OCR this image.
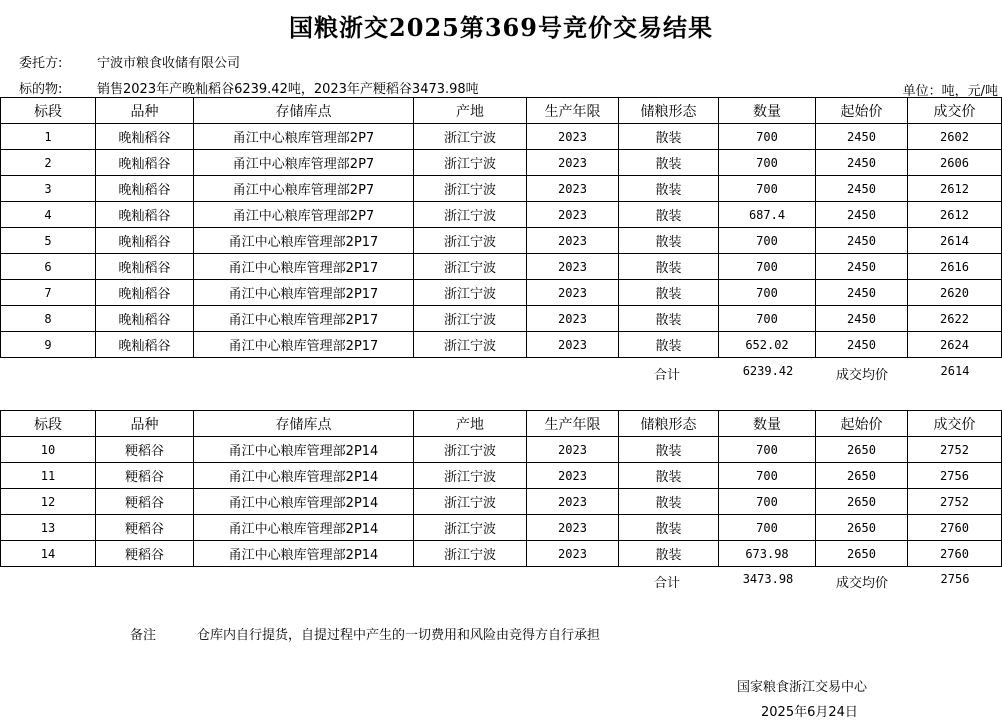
国粮浙交2025第369号竞价交易结果
委托方:	宁波市粮食收储有限公司
标的物:	销售2023年产晚籼稻谷6239.42吨，2023年产粳稻谷3473.98吨	单位：吨，元/吨
标段	品种	存储库点	产地	生产年限	储粮形态	数量	起始价	成交价
1	晚籼稻谷	甬江中心粮库管理部2P7	浙江宁波	2023	散装	700	2450	2602
2	晚籼稻谷	甬江中心粮库管理部2P7	浙江宁波	2023	散装	700	2450	2606
3	晚籼稻谷	甬江中心粮库管理部2P7	浙江宁波	2023	散装	700	2450	2612
4	晚籼稻谷	甬江中心粮库管理部2P7	浙江宁波	2023	散装	687.4	2450	2612
5	晚籼稻谷	甬江中心粮库管理部2P17	浙江宁波	2023	散装	700	2450	2614
6	晚籼稻谷	甬江中心粮库管理部2P17	浙江宁波	2023	散装	700	2450	2616
7	晚籼稻谷	甬江中心粮库管理部2P17	浙江宁波	2023	散装	700	2450	2620
8	晚籼稻谷	甬江中心粮库管理部2P17	浙江宁波	2023	散装	700	2450	2622
9	晚籼稻谷	甬江中心粮库管理部2P17	浙江宁波	2023	散装	652.02	2450	2624
合计	6239.42	成交均价	2614
标段	品种	存储库点	产地	生产年限	储粮形态	数量	起始价	成交价
10	粳稻谷	甬江中心粮库管理部2P14	浙江宁波	2023	散装	700	2650	2752
11	粳稻谷	甬江中心粮库管理部2P14	浙江宁波	2023	散装	700	2650	2756
12	粳稻谷	甬江中心粮库管理部2P14	浙江宁波	2023	散装	700	2650	2752
13	粳稻谷	甬江中心粮库管理部2P14	浙江宁波	2023	散装	700	2650	2760
14	粳稻谷	甬江中心粮库管理部2P14	浙江宁波	2023	散装	673.98	2650	2760
合计	3473.98	成交均价	2756
备注	仓库内自行提货，自提过程中产生的一切费用和风险由竞得方自行承担
国家粮食浙江交易中心
2025年6月24日
